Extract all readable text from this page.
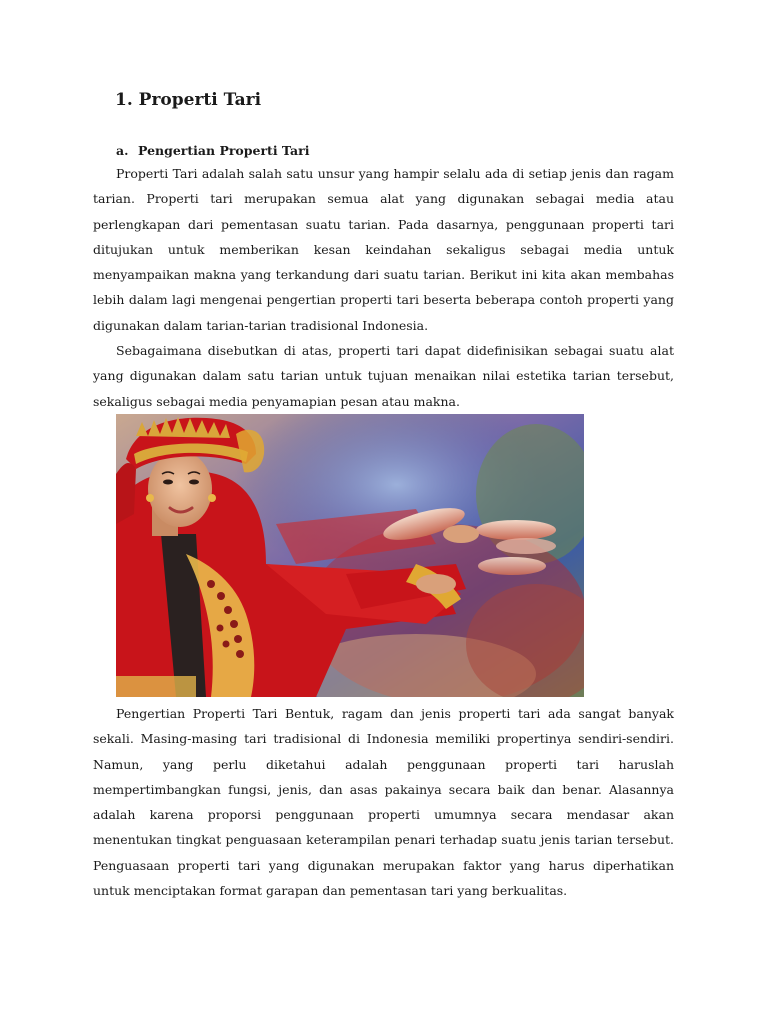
1. Properti Tari
a. Pengertian Properti Tari

Properti Tari adalah salah satu unsur yang hampir selalu ada di setiap jenis dan ragam tarian. Properti tari merupakan semua alat yang digunakan sebagai media atau perlengkapan dari pementasan suatu tarian. Pada dasarnya, penggunaan properti tari ditujukan untuk memberikan kesan keindahan sekaligus sebagai media untuk menyampaikan makna yang terkandung dari suatu tarian. Berikut ini kita akan membahas lebih dalam lagi mengenai pengertian properti tari beserta beberapa contoh properti yang digunakan dalam tarian-tarian tradisional Indonesia.

Sebagaimana disebutkan di atas, properti tari dapat didefinisikan sebagai suatu alat yang digunakan dalam satu tarian untuk tujuan menaikan nilai estetika tarian tersebut, sekaligus sebagai media penyamapian pesan atau makna.

Pengertian Properti Tari Bentuk, ragam dan jenis properti tari ada sangat banyak sekali. Masing-masing tari tradisional di Indonesia memiliki propertinya sendiri-sendiri. Namun, yang perlu diketahui adalah penggunaan properti tari haruslah mempertimbangkan fungsi, jenis, dan asas pakainya secara baik dan benar. Alasannya adalah karena proporsi penggunaan properti umumnya secara mendasar akan menentukan tingkat penguasaan keterampilan penari terhadap suatu jenis tarian tersebut. Penguasaan properti tari yang digunakan merupakan faktor yang harus diperhatikan untuk menciptakan format garapan dan pementasan tari yang berkualitas.
